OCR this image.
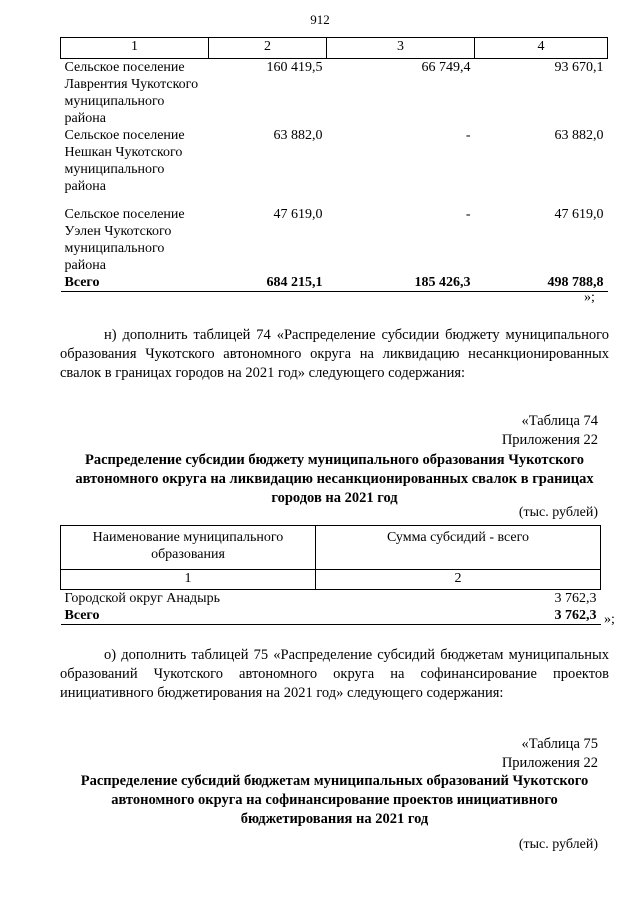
912
1	2	3	4
Сельское поселение Лаврентия Чукотского муниципального района	160 419,5	66 749,4	93 670,1
Сельское поселение Нешкан Чукотского муниципального района	63 882,0	-	63 882,0
Сельское поселение Уэлен Чукотского муниципального района	47 619,0	-	47 619,0
Всего	684 215,1	185 426,3	498 788,8
»;
н) дополнить таблицей 74 «Распределение субсидии бюджету муниципального образования Чукотского автономного округа на ликвидацию несанкционированных свалок в границах городов на 2021 год» следующего содержания:
«Таблица 74
Приложения 22
Распределение субсидии бюджету муниципального образования Чукотского автономного округа на ликвидацию несанкционированных свалок в границах городов на 2021 год
(тыс. рублей)
Наименование муниципального образования	Сумма субсидий - всего
1	2
Городской округ Анадырь	3 762,3
Всего	3 762,3 »;
о) дополнить таблицей 75 «Распределение субсидий бюджетам муниципальных образований Чукотского автономного округа на софинансирование проектов инициативного бюджетирования на 2021 год» следующего содержания:
«Таблица 75
Приложения 22
Распределение субсидий бюджетам муниципальных образований Чукотского автономного округа на софинансирование проектов инициативного бюджетирования на 2021 год
(тыс. рублей)
